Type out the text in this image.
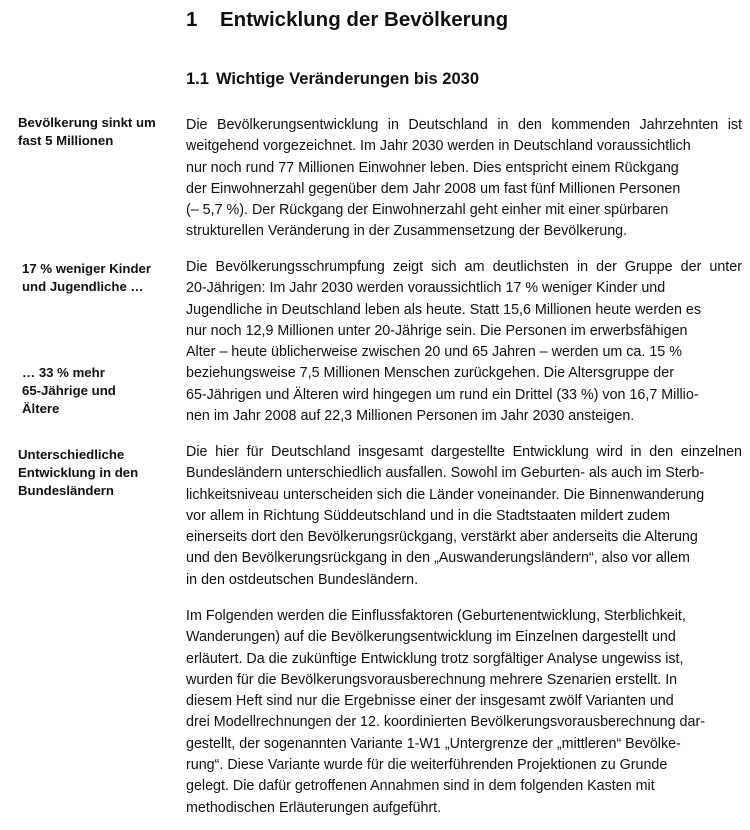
1 Entwicklung der Bevölkerung
1.1 Wichtige Veränderungen bis 2030
Bevölkerung sinkt um
fast 5 Millionen
17 % weniger Kinder
und Jugendliche …
… 33 % mehr
65-Jährige und
Ältere
Unterschiedliche
Entwicklung in den
Bundesländern
Die Bevölkerungsentwicklung in Deutschland in den kommenden Jahrzehnten ist
weitgehend vorgezeichnet. Im Jahr 2030 werden in Deutschland voraussichtlich
nur noch rund 77 Millionen Einwohner leben. Dies entspricht einem Rückgang
der Einwohnerzahl gegenüber dem Jahr 2008 um fast fünf Millionen Personen
(– 5,7 %). Der Rückgang der Einwohnerzahl geht einher mit einer spürbaren
strukturellen Veränderung in der Zusammensetzung der Bevölkerung.
Die Bevölkerungsschrumpfung zeigt sich am deutlichsten in der Gruppe der unter
20-Jährigen: Im Jahr 2030 werden voraussichtlich 17 % weniger Kinder und
Jugendliche in Deutschland leben als heute. Statt 15,6 Millionen heute werden es
nur noch 12,9 Millionen unter 20-Jährige sein. Die Personen im erwerbsfähigen
Alter – heute üblicherweise zwischen 20 und 65 Jahren – werden um ca. 15 %
beziehungsweise 7,5 Millionen Menschen zurückgehen. Die Altersgruppe der
65-Jährigen und Älteren wird hingegen um rund ein Drittel (33 %) von 16,7 Millio-
nen im Jahr 2008 auf 22,3 Millionen Personen im Jahr 2030 ansteigen.
Die hier für Deutschland insgesamt dargestellte Entwicklung wird in den einzelnen
Bundesländern unterschiedlich ausfallen. Sowohl im Geburten- als auch im Sterb-
lichkeitsniveau unterscheiden sich die Länder voneinander. Die Binnenwanderung
vor allem in Richtung Süddeutschland und in die Stadtstaaten mildert zudem
einerseits dort den Bevölkerungsrückgang, verstärkt aber anderseits die Alterung
und den Bevölkerungsrückgang in den „Auswanderungsländern“, also vor allem
in den ostdeutschen Bundesländern.
Im Folgenden werden die Einflussfaktoren (Geburtenentwicklung, Sterblichkeit,
Wanderungen) auf die Bevölkerungsentwicklung im Einzelnen dargestellt und
erläutert. Da die zukünftige Entwicklung trotz sorgfältiger Analyse ungewiss ist,
wurden für die Bevölkerungsvorausberechnung mehrere Szenarien erstellt. In
diesem Heft sind nur die Ergebnisse einer der insgesamt zwölf Varianten und
drei Modellrechnungen der 12. koordinierten Bevölkerungsvorausberechnung dar-
gestellt, der sogenannten Variante 1-W1 „Untergrenze der „mittleren“ Bevölke-
rung“. Diese Variante wurde für die weiterführenden Projektionen zu Grunde
gelegt. Die dafür getroffenen Annahmen sind in dem folgenden Kasten mit
methodischen Erläuterungen aufgeführt.
